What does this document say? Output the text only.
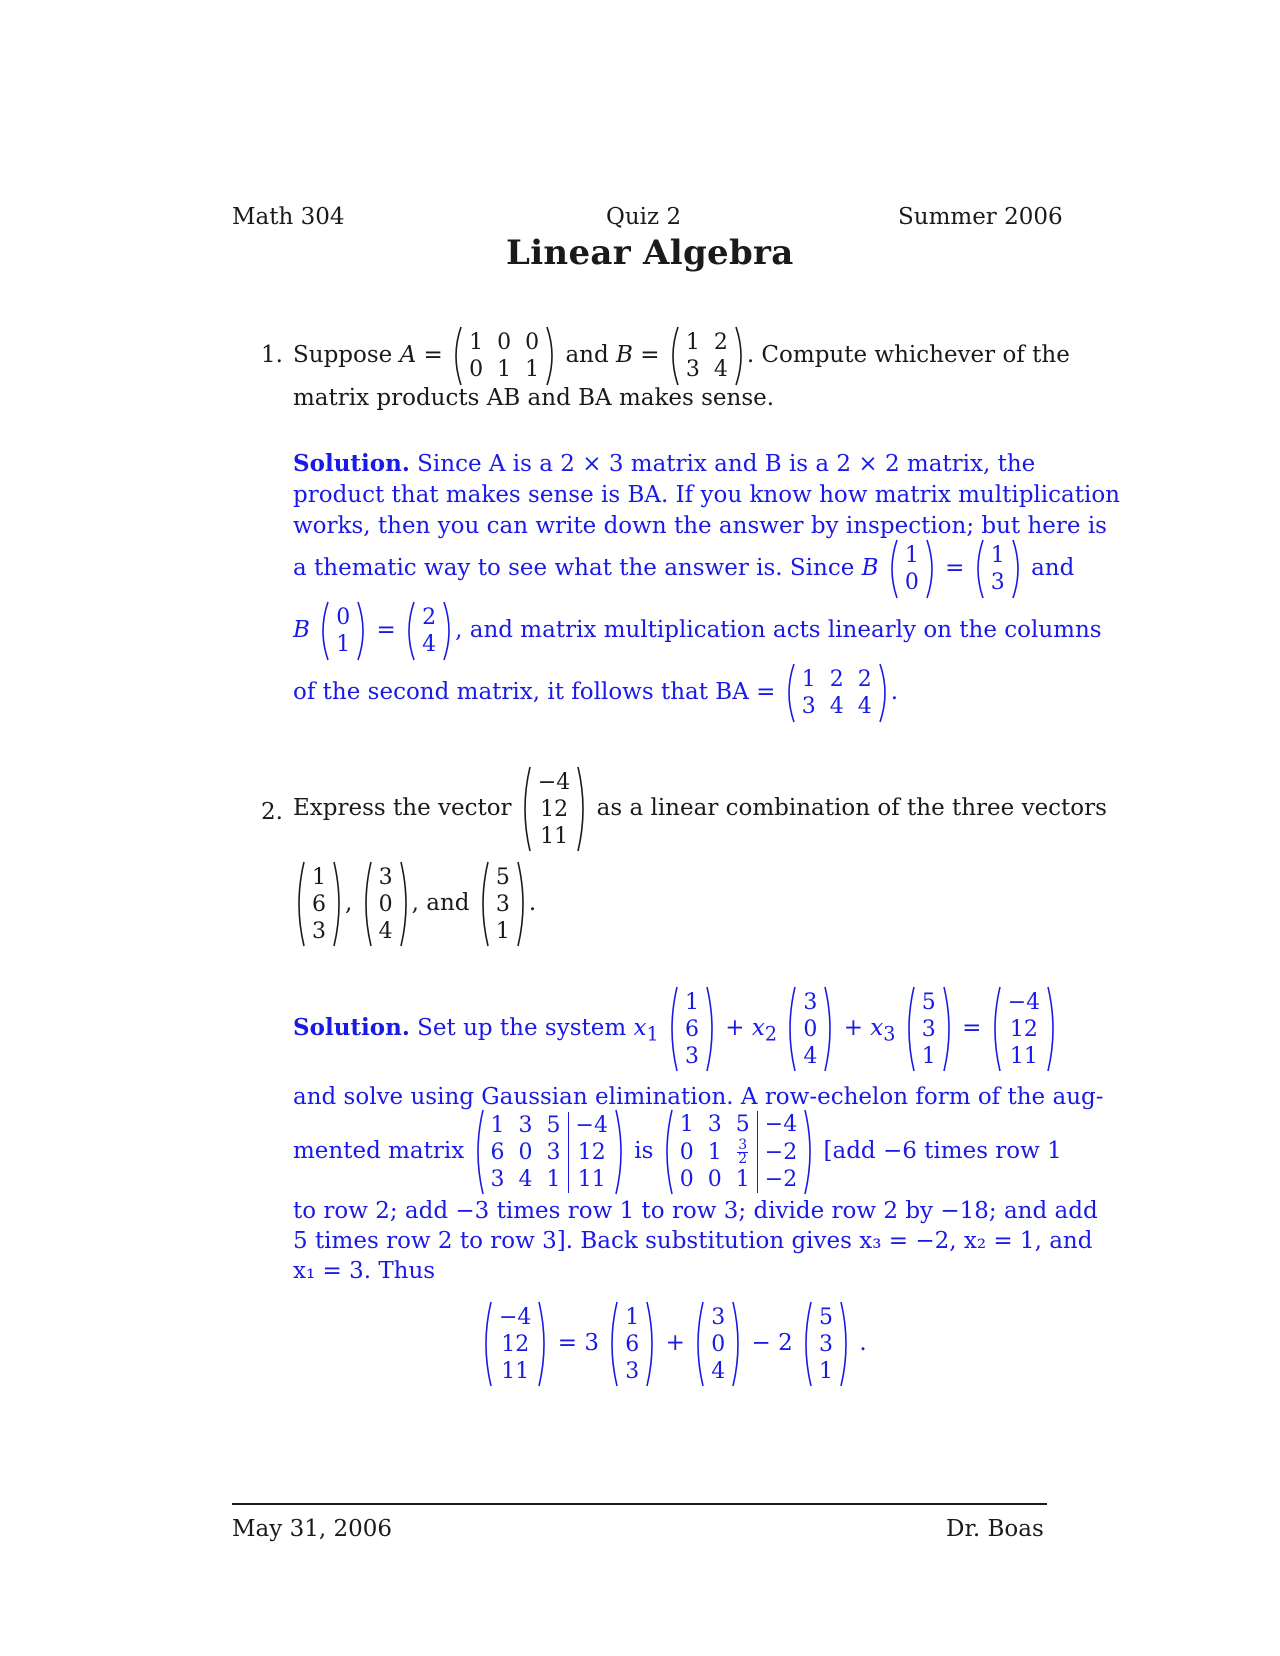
Math 304	Quiz 2	Summer 2006
Linear Algebra
1. Suppose A = 1	0	0
0	1	1
and B = 1	2
3	4
. Compute whichever of the
matrix products AB and BA makes sense.
Solution. Since A is a 2 × 3 matrix and B is a 2 × 2 matrix, the
product that makes sense is BA. If you know how matrix multiplication
works, then you can write down the answer by inspection; but here is
a thematic way to see what the answer is. Since B 1
0
= 1
3
and
B 0
1
= 2
4
, and matrix multiplication acts linearly on the columns
of the second matrix, it follows that BA = 1	2	2
3	4	4
.
2. Express the vector
−4
12
11
as a linear combination of the three vectors
1
6
3
,
3
0
4
, and
5
3
1
.
Solution. Set up the system $x_1$
1
6
3
+ $x_2$
3
0
4
+ $x_3$
5
3
1
=
−4
12
11
and solve using Gaussian elimination. A row-echelon form of the aug-
mented matrix
1	3	5	−4
6	0	3	12
3	4	1	11
is
1	3	5	−4
0	1	$\frac{3}{2}$	−2
0	0	1	−2
[add −6 times row 1
to row 2; add −3 times row 1 to row 3; divide row 2 by −18; and add
5 times row 2 to row 3]. Back substitution gives x₃ = −2, x₂ = 1, and
x₁ = 3. Thus
−4
12
11
= 3
1
6
3
+
3
0
4
− 2
5
3
1
.
May 31, 2006	Dr. Boas
